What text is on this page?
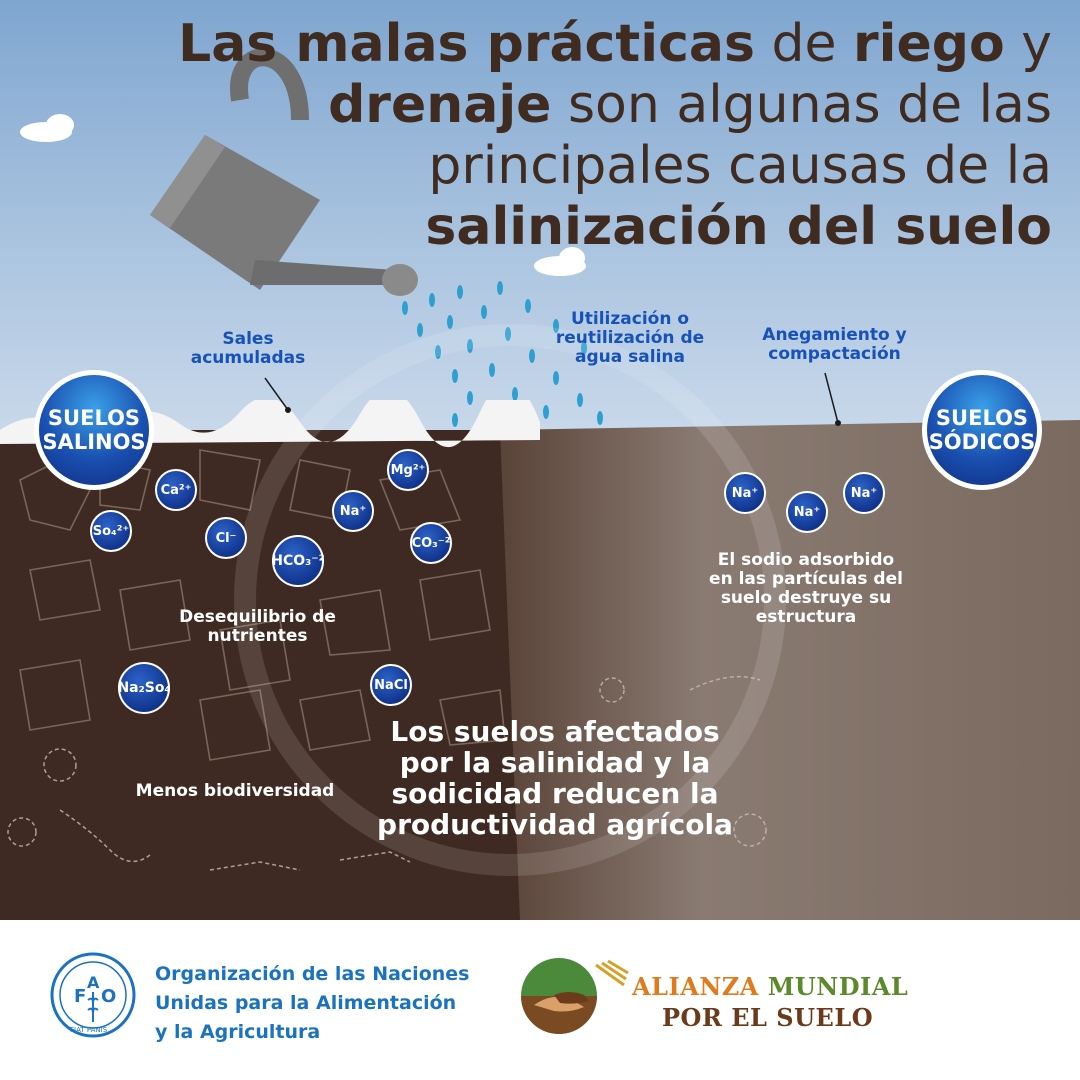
Las malas prácticas de riego y
drenaje son algunas de las
principales causas de la
salinización del suelo
Sales acumuladas
Utilización o reutilización de agua salina
Anegamiento y compactación
SUELOS SALINOS
SUELOS SÓDICOS
Ca²⁺
So₄²⁺	Cl⁻
Na⁺
Mg²⁺
HCO₃⁻²
CO₃⁻²
Na₂So₄	NaCl
Na⁺
Na⁺
Na⁺
Desequilibrio de nutrientes
Menos biodiversidad
El sodio adsorbido en las partículas del suelo destruye su estructura
Los suelos afectados por la salinidad y la sodicidad reducen la productividad agrícola
F
A
O
FIAT PANIS
Organización de las Naciones
Unidas para la Alimentación
y la Agricultura
ALIANZA MUNDIAL
POR EL SUELO
